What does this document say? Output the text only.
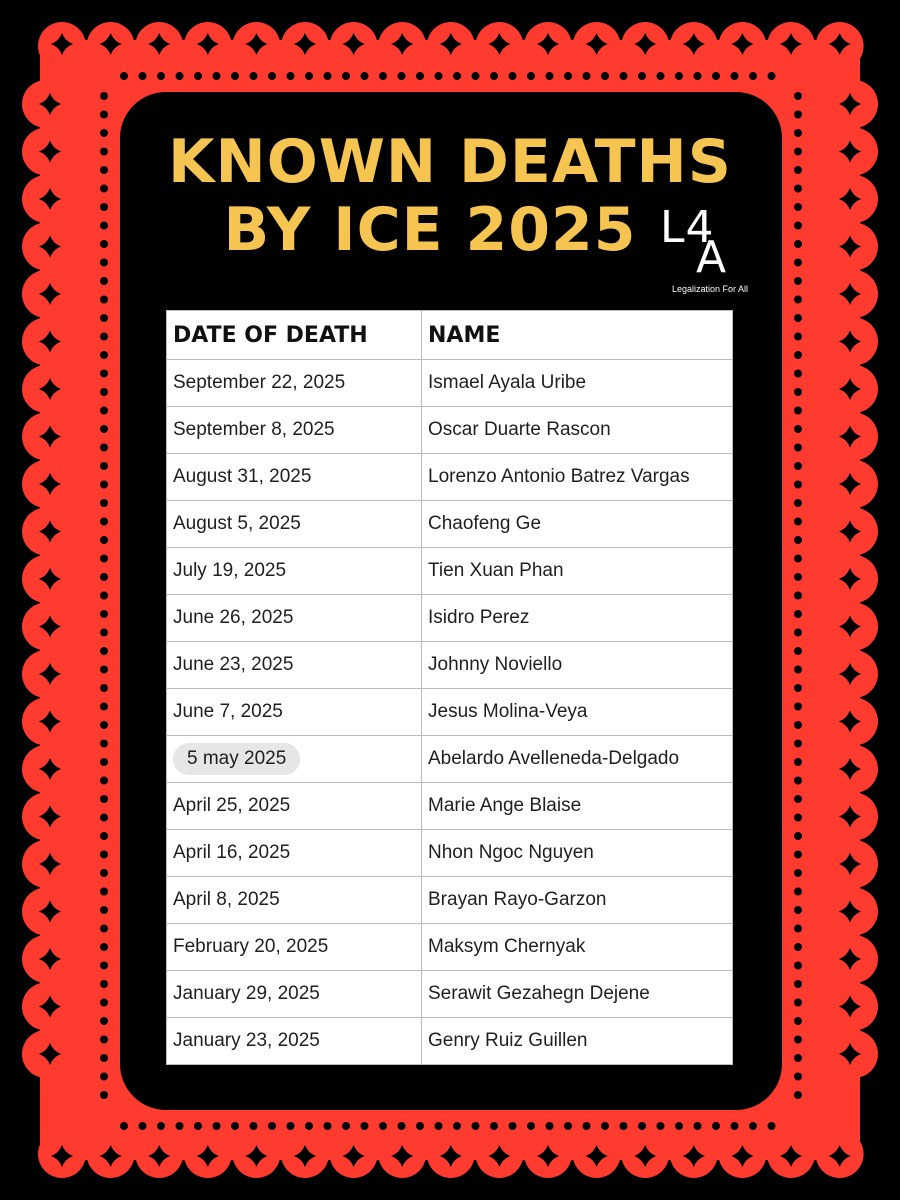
KNOWN DEATHS
BY ICE 2025 L4
A
Legalization For All
DATE OF DEATH	NAME
September 22, 2025	Ismael Ayala Uribe
September 8, 2025	Oscar Duarte Rascon
August 31, 2025	Lorenzo Antonio Batrez Vargas
August 5, 2025	Chaofeng Ge
July 19, 2025	Tien Xuan Phan
June 26, 2025	Isidro Perez
June 23, 2025	Johnny Noviello
June 7, 2025	Jesus Molina-Veya
5 may 2025	Abelardo Avelleneda-Delgado
April 25, 2025	Marie Ange Blaise
April 16, 2025	Nhon Ngoc Nguyen
April 8, 2025	Brayan Rayo-Garzon
February 20, 2025	Maksym Chernyak
January 29, 2025	Serawit Gezahegn Dejene
January 23, 2025	Genry Ruiz Guillen
